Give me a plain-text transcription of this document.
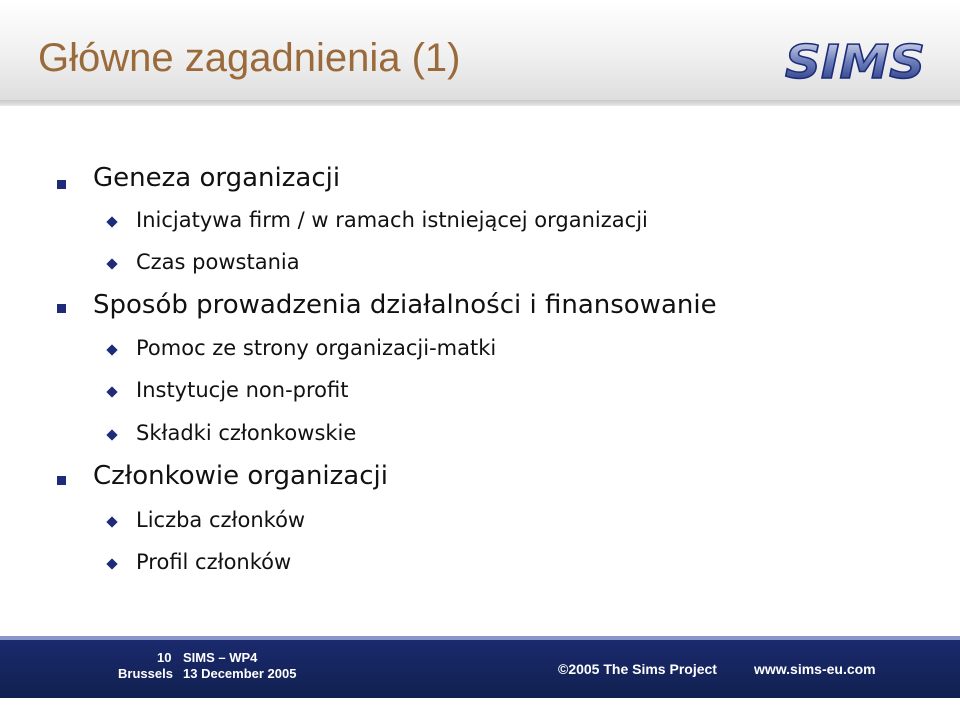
Główne zagadnienia (1)	SIMS
Geneza organizacji
Inicjatywa firm / w ramach istniejącej organizacji
Czas powstania
Sposób prowadzenia działalności i finansowanie
Pomoc ze strony organizacji-matki
Instytucje non-profit
Składki członkowskie
Członkowie organizacji
Liczba członków
Profil członków
10 SIMS – WP4
Brussels 13 December 2005	©2005 The Sims Project	www.sims-eu.com
